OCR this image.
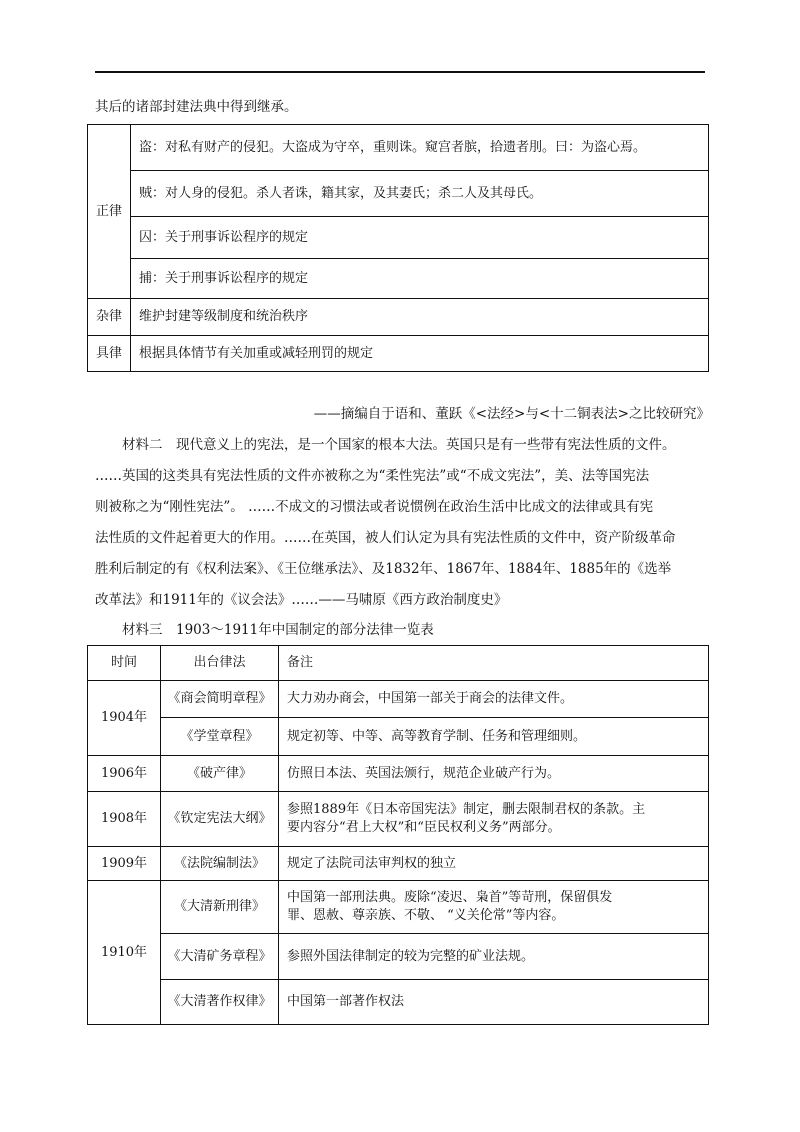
其后的诸部封建法典中得到继承。
正律	盗：对私有财产的侵犯。大盗成为守卒，重则诛。窥宫者膑，拾遗者刖。曰：为盗心焉。
	贼：对人身的侵犯。杀人者诛，籍其家，及其妻氏；杀二人及其母氏。
	囚：关于刑事诉讼程序的规定
	捕：关于刑事诉讼程序的规定
杂律	维护封建等级制度和统治秩序
具律	根据具体情节有关加重或减轻刑罚的规定
——摘编自于语和、董跃《<法经>与<十二铜表法>之比较研究》
材料二　现代意义上的宪法，是一个国家的根本大法。英国只是有一些带有宪法性质的文件。
……英国的这类具有宪法性质的文件亦被称之为“柔性宪法”或“不成文宪法”，美、法等国宪法
则被称之为“刚性宪法”。 ……不成文的习惯法或者说惯例在政治生活中比成文的法律或具有宪
法性质的文件起着更大的作用。……在英国，被人们认定为具有宪法性质的文件中，资产阶级革命
胜利后制定的有《权利法案》、《王位继承法》、及1832年、1867年、1884年、1885年的《选举
改革法》和1911年的《议会法》……——马啸原《西方政治制度史》
材料三　1903～1911年中国制定的部分法律一览表
时间	出台律法	备注
1904年	《商会简明章程》	大力劝办商会，中国第一部关于商会的法律文件。
	《学堂章程》	规定初等、中等、高等教育学制、任务和管理细则。
1906年	《破产律》	仿照日本法、英国法颁行，规范企业破产行为。
1908年	《钦定宪法大纲》	参照1889年《日本帝国宪法》制定，删去限制君权的条款。主
要内容分“君上大权”和“臣民权利义务”两部分。

1909年	《法院编制法》	规定了法院司法审判权的独立
1910年	《大清新刑律》	中国第一部刑法典。废除“凌迟、枭首”等苛刑，保留俱发
罪、恩赦、尊亲族、不敬、 “义关伦常”等内容。

	《大清矿务章程》	参照外国法律制定的较为完整的矿业法规。
	《大清著作权律》	中国第一部著作权法
